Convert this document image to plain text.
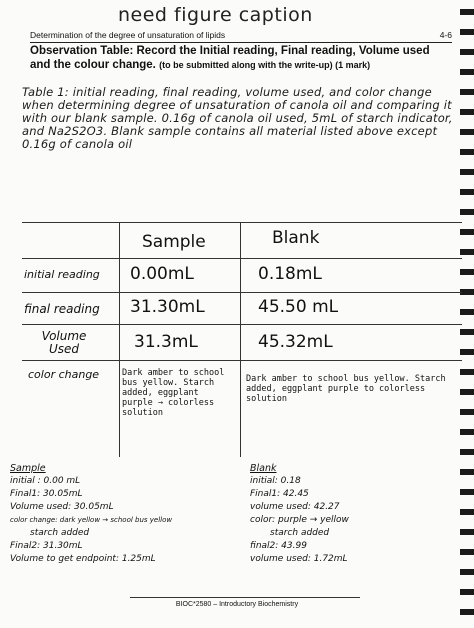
need figure caption
Determination of the degree of unsaturation of lipids	4-6
Observation Table: Record the Initial reading, Final reading, Volume used and the colour change. (to be submitted along with the write-up) (1 mark)
Table 1: initial reading, final reading, volume used, and color change when determining degree of unsaturation of canola oil and comparing it with our blank sample. 0.16g of canola oil used, 5mL of starch indicator, and Na2S2O3. Blank sample contains all material listed above except 0.16g of canola oil
Sample	Blank
initial reading
final reading
Volume Used
color change
0.00mL
31.30mL
31.3mL
Dark amber to school bus yellow. Starch added, eggplant purple → colorless solution
0.18mL
45.50 mL
45.32mL
Dark amber to school bus yellow. Starch added, eggplant purple to colorless solution
Sample
initial : 0.00 mL
Final1: 30.05mL
Volume used: 30.05mL
color change: dark yellow → school bus yellow
starch added
Final2: 31.30mL
Volume to get endpoint: 1.25mL
Blank
initial: 0.18
Final1: 42.45
volume used: 42.27
color: purple → yellow
starch added
final2: 43.99
volume used: 1.72mL
BIOC*2580 – Introductory Biochemistry
